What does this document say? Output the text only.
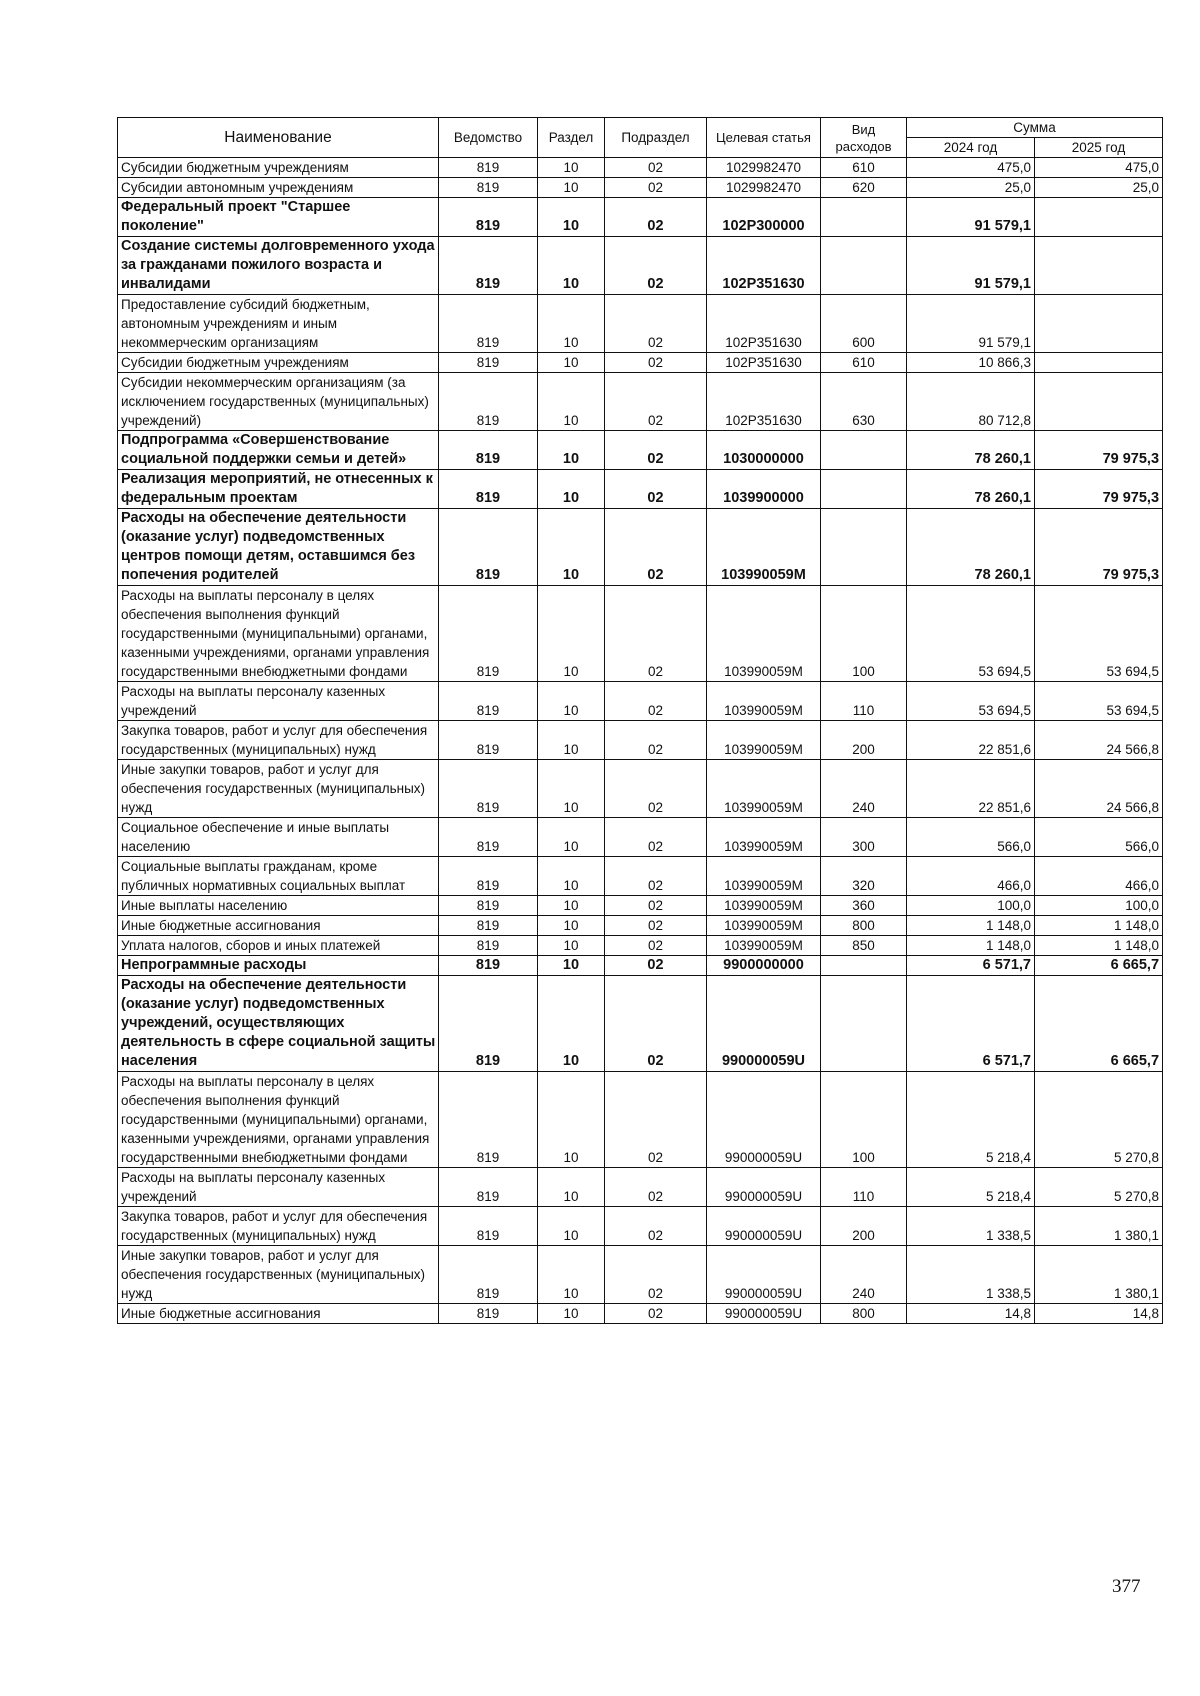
Наименование	Ведомство	Раздел	Подраздел	Целевая статья	Вид расходов	Сумма	
						2024 год	2025 год
Субсидии бюджетным учреждениям	819	10	02	1029982470	610	475,0	475,0
Субсидии автономным учреждениям	819	10	02	1029982470	620	25,0	25,0
Федеральный проект "Старшее поколение"	819	10	02	102P300000		91 579,1	
Создание системы долговременного ухода за гражданами пожилого возраста и инвалидами	819	10	02	102P351630		91 579,1	
Предоставление субсидий бюджетным, автономным учреждениям и иным некоммерческим организациям	819	10	02	102P351630	600	91 579,1	
Субсидии бюджетным учреждениям	819	10	02	102P351630	610	10 866,3	
Субсидии некоммерческим организациям (за исключением государственных (муниципальных) учреждений)	819	10	02	102P351630	630	80 712,8	
Подпрограмма «Совершенствование социальной поддержки семьи и детей»	819	10	02	1030000000		78 260,1	79 975,3
Реализация мероприятий, не отнесенных к федеральным проектам	819	10	02	1039900000		78 260,1	79 975,3
Расходы на обеспечение деятельности (оказание услуг) подведомственных центров помощи детям, оставшимся без попечения родителей	819	10	02	103990059M		78 260,1	79 975,3
Расходы на выплаты персоналу в целях обеспечения выполнения функций государственными (муниципальными) органами, казенными учреждениями, органами управления государственными внебюджетными фондами	819	10	02	103990059M	100	53 694,5	53 694,5
Расходы на выплаты персоналу казенных учреждений	819	10	02	103990059M	110	53 694,5	53 694,5
Закупка товаров, работ и услуг для обеспечения государственных (муниципальных) нужд	819	10	02	103990059M	200	22 851,6	24 566,8
Иные закупки товаров, работ и услуг для обеспечения государственных (муниципальных) нужд	819	10	02	103990059M	240	22 851,6	24 566,8
Социальное обеспечение и иные выплаты населению	819	10	02	103990059M	300	566,0	566,0
Социальные выплаты гражданам, кроме публичных нормативных социальных выплат	819	10	02	103990059M	320	466,0	466,0
Иные выплаты населению	819	10	02	103990059M	360	100,0	100,0
Иные бюджетные ассигнования	819	10	02	103990059M	800	1 148,0	1 148,0
Уплата налогов, сборов и иных платежей	819	10	02	103990059M	850	1 148,0	1 148,0
Непрограммные расходы	819	10	02	9900000000		6 571,7	6 665,7
Расходы на обеспечение деятельности (оказание услуг) подведомственных учреждений, осуществляющих деятельность в сфере социальной защиты населения	819	10	02	990000059U		6 571,7	6 665,7
Расходы на выплаты персоналу в целях обеспечения выполнения функций государственными (муниципальными) органами, казенными учреждениями, органами управления государственными внебюджетными фондами	819	10	02	990000059U	100	5 218,4	5 270,8
Расходы на выплаты персоналу казенных учреждений	819	10	02	990000059U	110	5 218,4	5 270,8
Закупка товаров, работ и услуг для обеспечения государственных (муниципальных) нужд	819	10	02	990000059U	200	1 338,5	1 380,1
Иные закупки товаров, работ и услуг для обеспечения государственных (муниципальных) нужд	819	10	02	990000059U	240	1 338,5	1 380,1
Иные бюджетные ассигнования	819	10	02	990000059U	800	14,8	14,8
377
